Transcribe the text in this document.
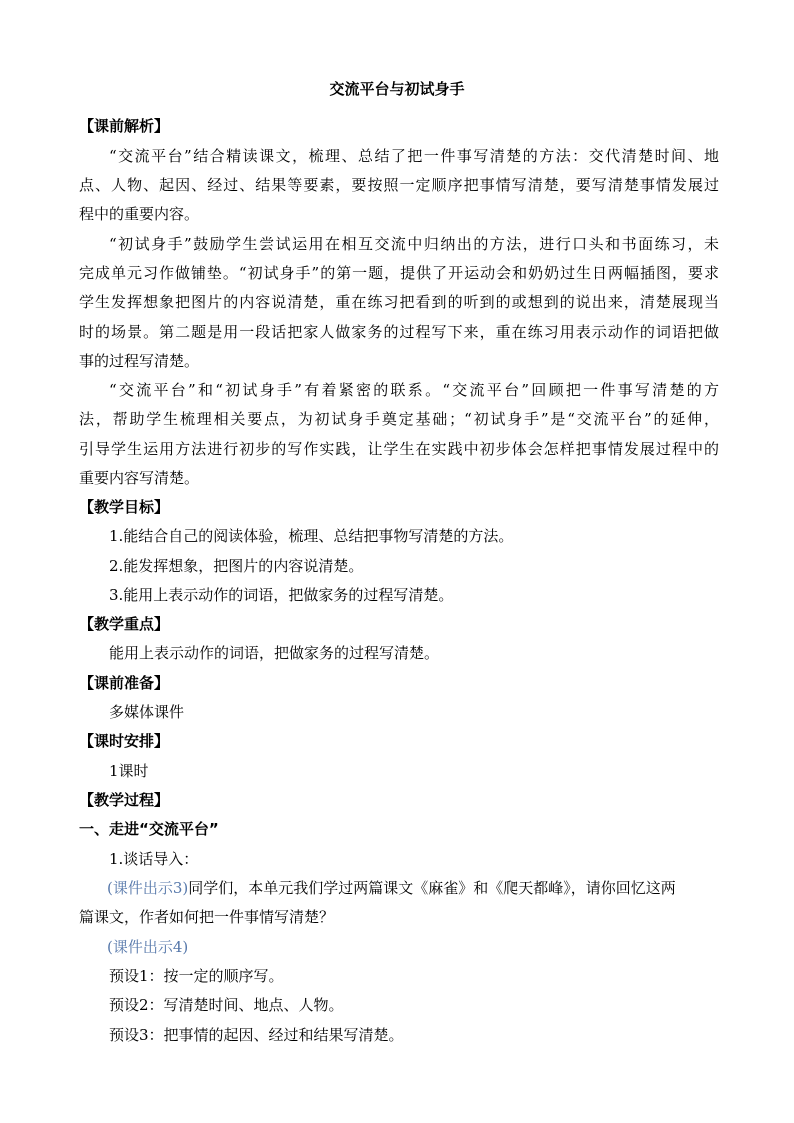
交流平台与初试身手
【课前解析】
“交流平台”结合精读课文，梳理、总结了把一件事写清楚的方法：交代清楚时间、地
点、人物、起因、经过、结果等要素，要按照一定顺序把事情写清楚，要写清楚事情发展过
程中的重要内容。
“初试身手”鼓励学生尝试运用在相互交流中归纳出的方法，进行口头和书面练习，未
完成单元习作做铺垫。“初试身手”的第一题，提供了开运动会和奶奶过生日两幅插图，要求
学生发挥想象把图片的内容说清楚，重在练习把看到的听到的或想到的说出来，清楚展现当
时的场景。第二题是用一段话把家人做家务的过程写下来，重在练习用表示动作的词语把做
事的过程写清楚。
“交流平台”和“初试身手”有着紧密的联系。“交流平台”回顾把一件事写清楚的方
法，帮助学生梳理相关要点，为初试身手奠定基础；“初试身手”是“交流平台”的延伸，
引导学生运用方法进行初步的写作实践，让学生在实践中初步体会怎样把事情发展过程中的
重要内容写清楚。
【教学目标】
1.能结合自己的阅读体验，梳理、总结把事物写清楚的方法。
2.能发挥想象，把图片的内容说清楚。
3.能用上表示动作的词语，把做家务的过程写清楚。
【教学重点】
能用上表示动作的词语，把做家务的过程写清楚。
【课前准备】
多媒体课件
【课时安排】
1课时
【教学过程】
一、走进“交流平台”
1.谈话导入：
(课件出示3)同学们，本单元我们学过两篇课文《麻雀》和《爬天都峰》，请你回忆这两
篇课文，作者如何把一件事情写清楚？
(课件出示4)
预设1：按一定的顺序写。
预设2：写清楚时间、地点、人物。
预设3：把事情的起因、经过和结果写清楚。
